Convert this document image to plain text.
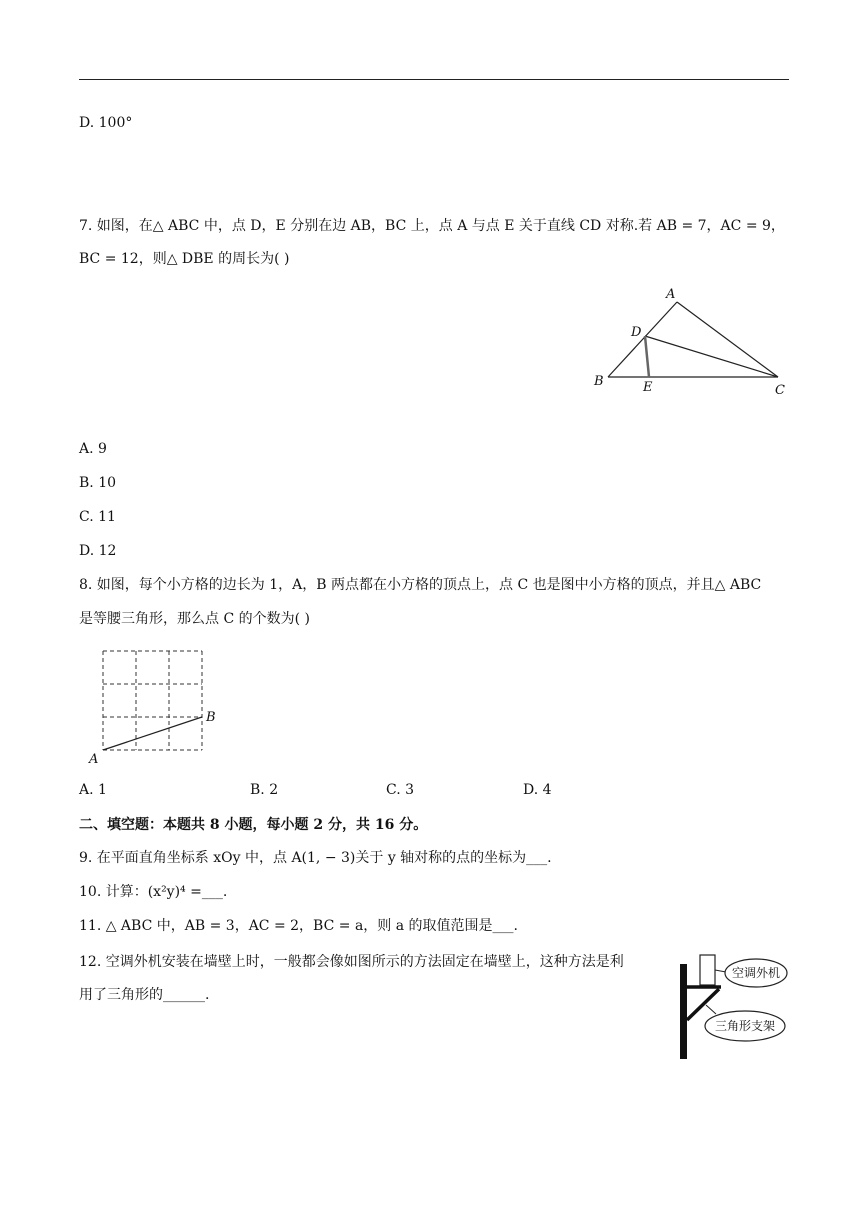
D. 100°
7. 如图，在△ ABC 中，点 D，E 分别在边 AB，BC 上，点 A 与点 E 关于直线 CD 对称.若 AB = 7，AC = 9，
BC = 12，则△ DBE 的周长为( )
A
D
B	E	C
A. 9
B. 10
C. 11
D. 12
8. 如图，每个小方格的边长为 1，A，B 两点都在小方格的顶点上，点 C 也是图中小方格的顶点，并且△ ABC
是等腰三角形，那么点 C 的个数为( )
A
B
A. 1	B. 2	C. 3	D. 4
二、填空题：本题共 8 小题，每小题 2 分，共 16 分。
9. 在平面直角坐标系 xOy 中，点 A(1, − 3)关于 y 轴对称的点的坐标为___.
10. 计算：(x²y)⁴ =___.
11. △ ABC 中，AB = 3，AC = 2，BC = a，则 a 的取值范围是___.
12. 空调外机安装在墙壁上时，一般都会像如图所示的方法固定在墙壁上，这种方法是利
用了三角形的______.
空调外机
三角形支架
